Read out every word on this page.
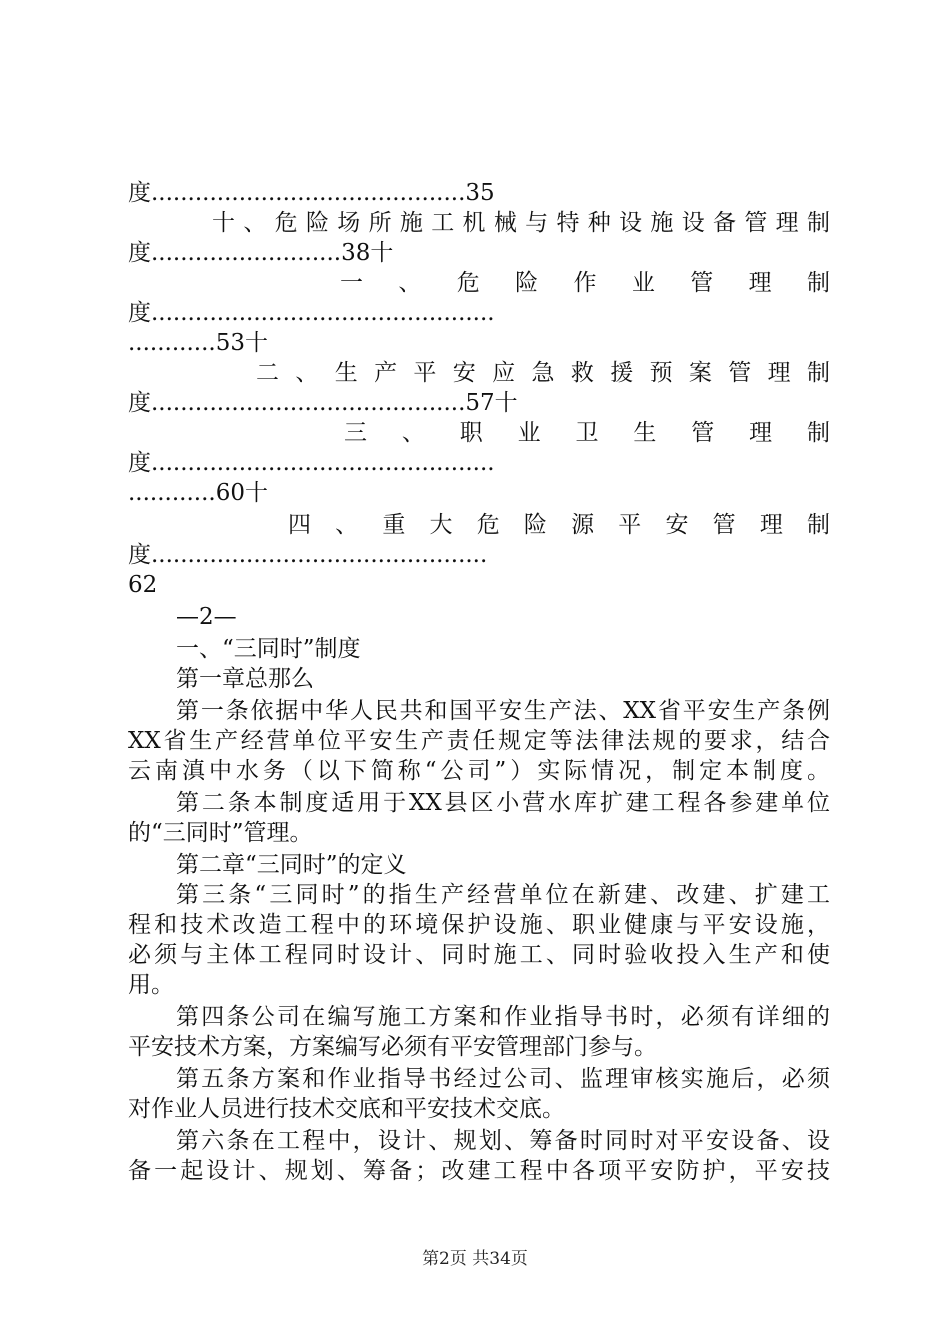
度...........................................35
十、危险场所施工机械与特种设施设备管理制
度..........................38十
一、危险作业管理制
度...............................................
............53十
二、生产平安应急救援预案管理制
度...........................................57十
三、职业卫生管理制
度...............................................
............60十
四、重大危险源平安管理制
度..............................................
62
—2—
一、“三同时”制度
第一章总那么
第一条依据中华人民共和国平安生产法、XX省平安生产条例
XX省生产经营单位平安生产责任规定等法律法规的要求，结合
云南滇中水务（以下简称“公司”）实际情况，制定本制度。
第二条本制度适用于XX县区小营水库扩建工程各参建单位
的“三同时”管理。
第二章“三同时”的定义
第三条“三同时”的指生产经营单位在新建、改建、扩建工
程和技术改造工程中的环境保护设施、职业健康与平安设施，
必须与主体工程同时设计、同时施工、同时验收投入生产和使
用。
第四条公司在编写施工方案和作业指导书时，必须有详细的
平安技术方案，方案编写必须有平安管理部门参与。
第五条方案和作业指导书经过公司、监理审核实施后，必须
对作业人员进行技术交底和平安技术交底。
第六条在工程中，设计、规划、筹备时同时对平安设备、设
备一起设计、规划、筹备；改建工程中各项平安防护，平安技
第2页 共34页
